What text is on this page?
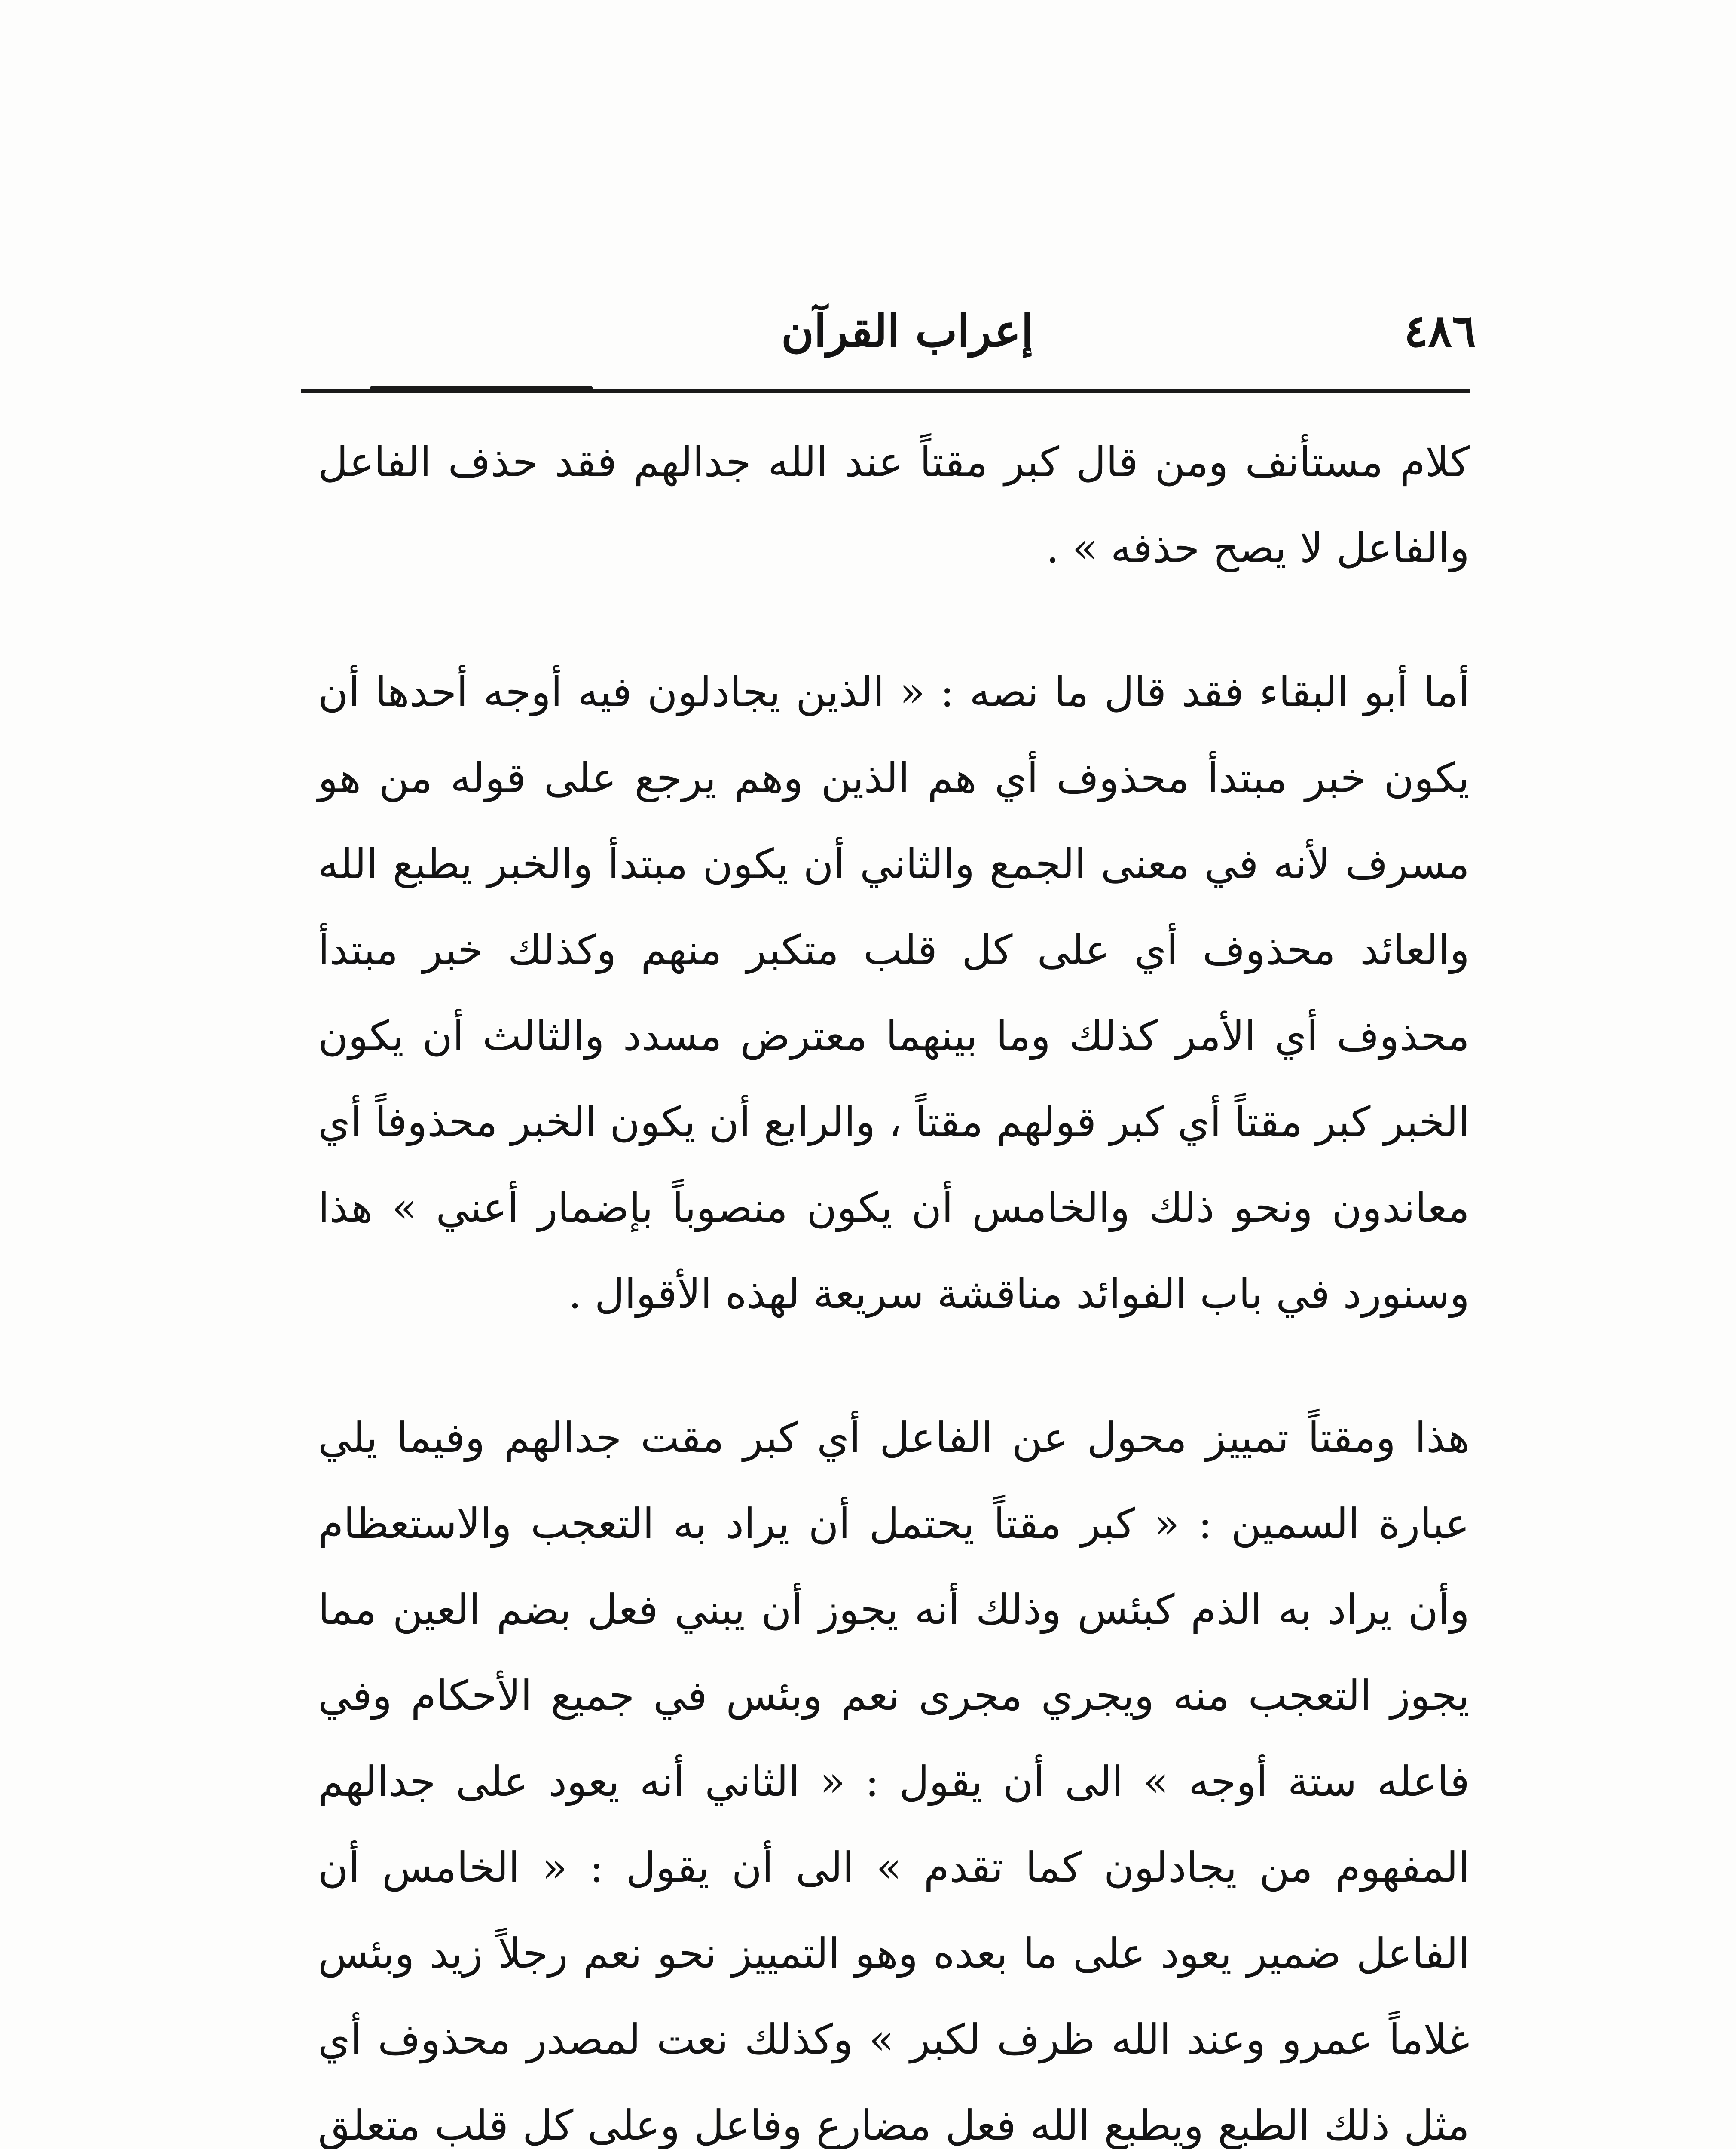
٤٨٦
إعراب القرآن

كلام مستأنف ومن قال كبر مقتاً عند الله جدالهم فقد حذف الفاعل والفاعل لا يصح حذفه » .

أما أبو البقاء فقد قال ما نصه : « الذين يجادلون فيه أوجه أحدها أن يكون خبر مبتدأ محذوف أي هم الذين وهم يرجع على قوله من هو مسرف لأنه في معنى الجمع والثاني أن يكون مبتدأ والخبر يطبع الله والعائد محذوف أي على كل قلب متكبر منهم وكذلك خبر مبتدأ محذوف أي الأمر كذلك وما بينهما معترض مسدد والثالث أن يكون الخبر كبر مقتاً أي كبر قولهم مقتاً ، والرابع أن يكون الخبر محذوفاً أي معاندون ونحو ذلك والخامس أن يكون منصوباً بإضمار أعني » هذا وسنورد في باب الفوائد مناقشة سريعة لهذه الأقوال .

هذا ومقتاً تمييز محول عن الفاعل أي كبر مقت جدالهم وفيما يلي عبارة السمين : « كبر مقتاً يحتمل أن يراد به التعجب والاستعظام وأن يراد به الذم كبئس وذلك أنه يجوز أن يبني فعل بضم العين مما يجوز التعجب منه ويجري مجرى نعم وبئس في جميع الأحكام وفي فاعله ستة أوجه » الى أن يقول : « الثاني أنه يعود على جدالهم المفهوم من يجادلون كما تقدم » الى أن يقول : « الخامس أن الفاعل ضمير يعود على ما بعده وهو التمييز نحو نعم رجلاً زيد وبئس غلاماً عمرو وعند الله ظرف لكبر » وكذلك نعت لمصدر محذوف أي مثل ذلك الطبع ويطبع الله فعل مضارع وفاعل وعلى كل قلب متعلق
